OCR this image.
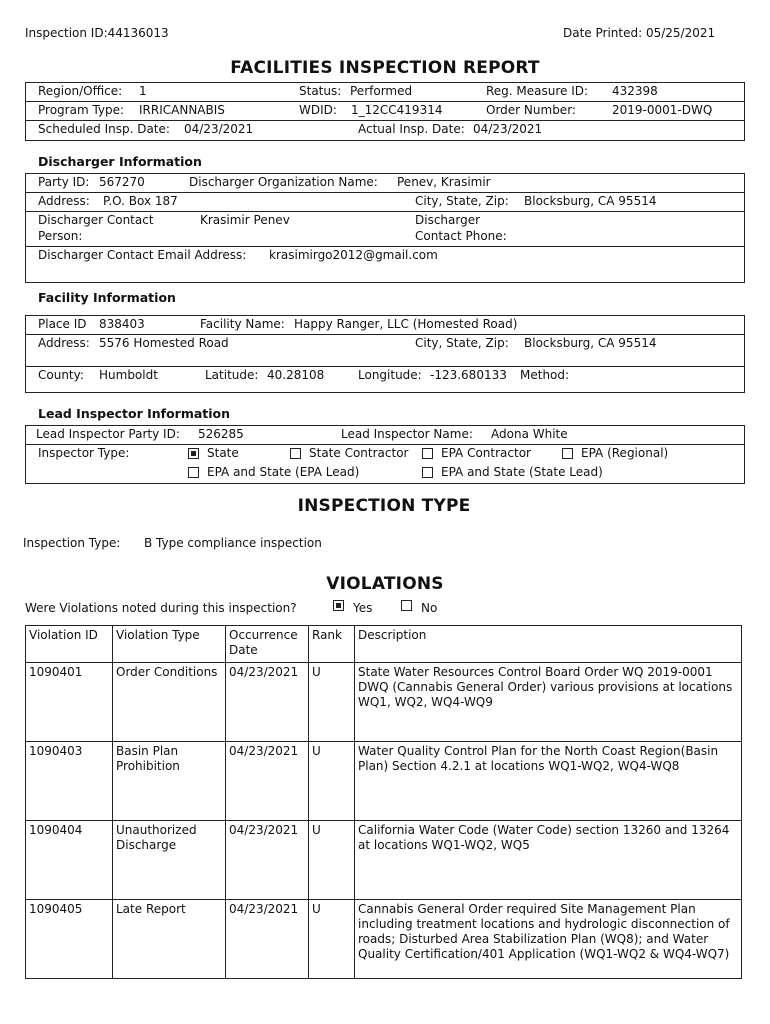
Inspection ID:44136013	Date Printed: 05/25/2021
FACILITIES INSPECTION REPORT
Region/Office: 1	Status: Performed	Reg. Measure ID: 432398
Program Type: IRRICANNABIS	WDID: 1_12CC419314	Order Number:	2019-0001-DWQ
Scheduled Insp. Date: 04/23/2021	Actual Insp. Date: 04/23/2021
Discharger Information
Party ID: 567270	Discharger Organization Name: Penev, Krasimir
Address: P.O. Box 187	City, State, Zip: Blocksburg, CA 95514
Discharger Contact
Person:
Krasimir Penev	Discharger
Contact Phone:
Discharger Contact Email Address: krasimirgo2012@gmail.com
Facility Information
Place ID 838403	Facility Name: Happy Ranger, LLC (Homested Road)
Address: 5576 Homested Road	City, State, Zip: Blocksburg, CA 95514
County: Humboldt	Latitude: 40.28108	Longitude: -123.680133 Method:
Lead Inspector Information
Lead Inspector Party ID: 526285	Lead Inspector Name: Adona White
Inspector Type:	State	State Contractor	EPA Contractor	EPA (Regional)
EPA and State (EPA Lead)	EPA and State (State Lead)
INSPECTION TYPE
Inspection Type: B Type compliance inspection
VIOLATIONS
Were Violations noted during this inspection?	Yes	No
Violation ID	Violation Type	Occurrence Date	Rank	Description
1090401	Order Conditions	04/23/2021	U	State Water Resources Control Board Order WQ 2019-0001 DWQ (Cannabis General Order) various provisions at locations WQ1, WQ2, WQ4-WQ9
1090403	Basin Plan Prohibition	04/23/2021	U	Water Quality Control Plan for the North Coast Region(Basin Plan) Section 4.2.1 at locations WQ1-WQ2, WQ4-WQ8
1090404	Unauthorized Discharge	04/23/2021	U	California Water Code (Water Code) section 13260 and 13264 at locations WQ1-WQ2, WQ5
1090405	Late Report	04/23/2021	U	Cannabis General Order required Site Management Plan including treatment locations and hydrologic disconnection of roads; Disturbed Area Stabilization Plan (WQ8); and Water Quality Certification/401 Application (WQ1-WQ2 & WQ4-WQ7)
